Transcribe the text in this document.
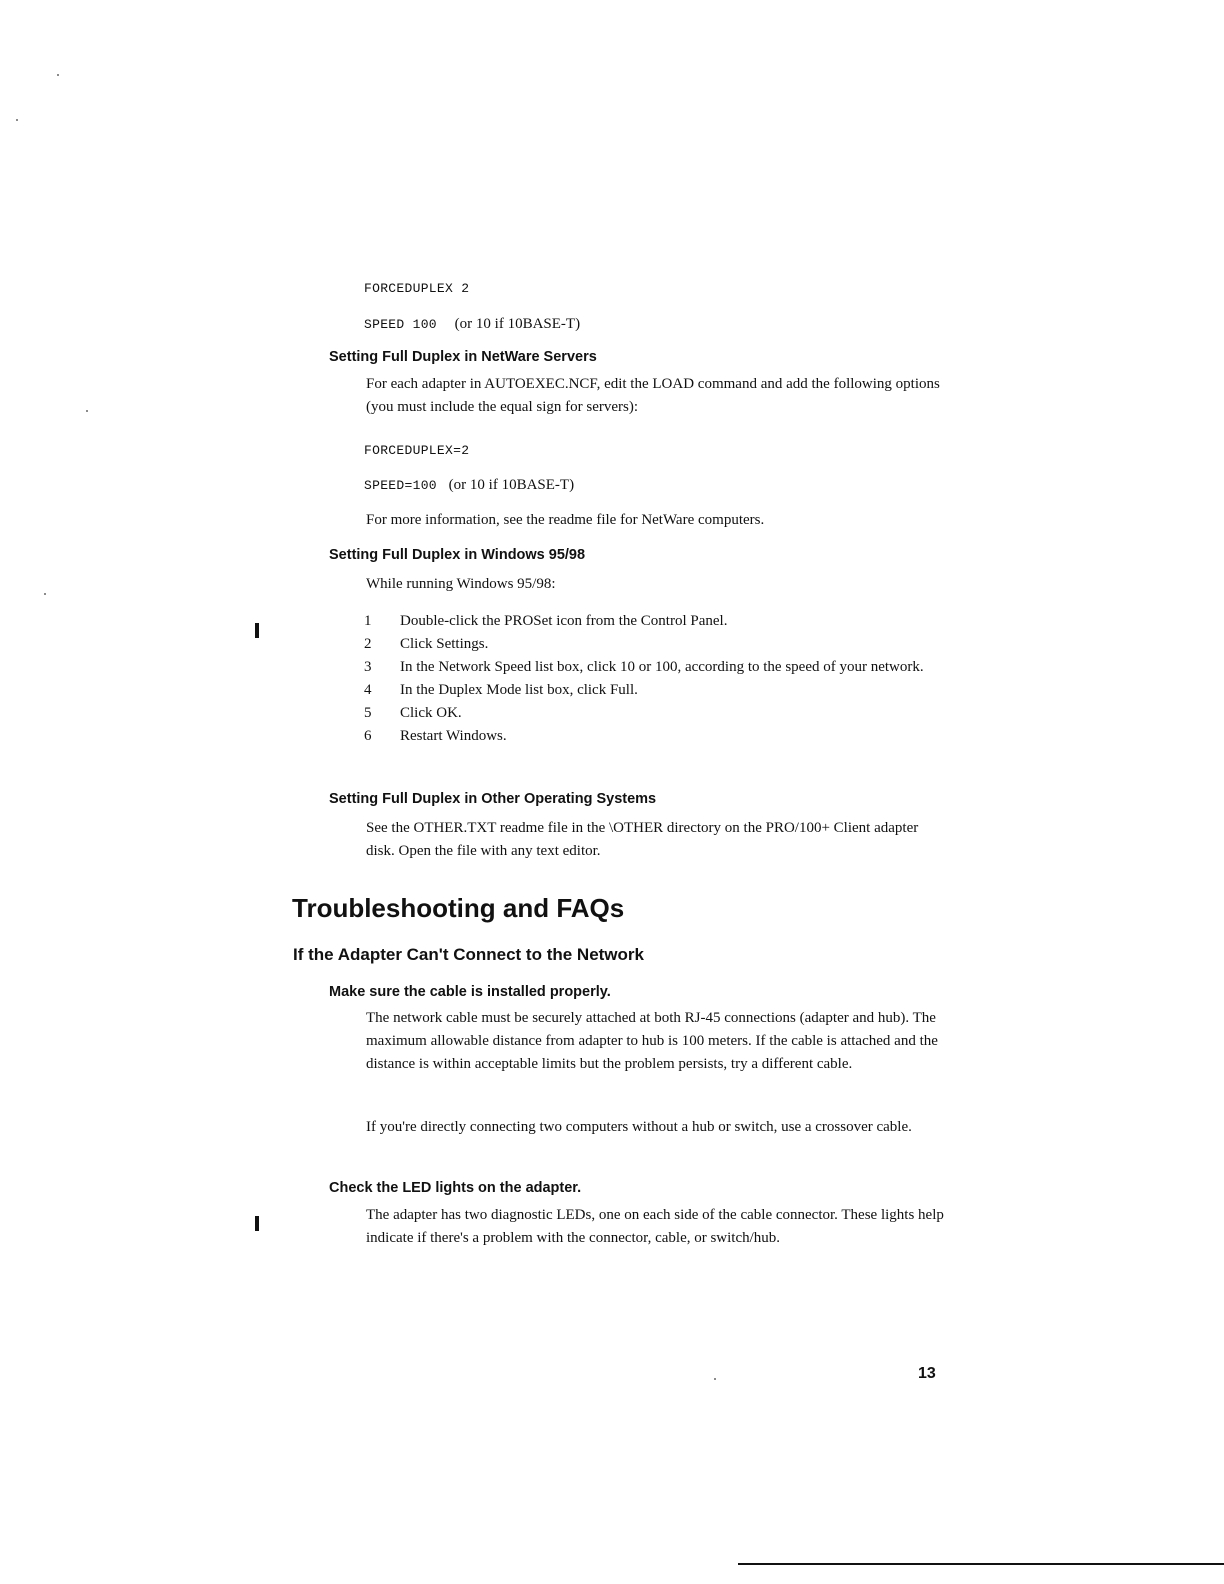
FORCEDUPLEX 2
SPEED 100 (or 10 if 10BASE-T)
Setting Full Duplex in NetWare Servers

For each adapter in AUTOEXEC.NCF, edit the LOAD command and add the following options (you must include the equal sign for servers):

FORCEDUPLEX=2
SPEED=100 (or 10 if 10BASE-T)

For more information, see the readme file for NetWare computers.

Setting Full Duplex in Windows 95/98

While running Windows 95/98:

1	Double-click the PROSet icon from the Control Panel.
2	Click Settings.
3	In the Network Speed list box, click 10 or 100, according to the speed of your network.
4	In the Duplex Mode list box, click Full.
5	Click OK.
6	Restart Windows.
Setting Full Duplex in Other Operating Systems

See the OTHER.TXT readme file in the \OTHER directory on the PRO/100+ Client adapter disk. Open the file with any text editor.

Troubleshooting and FAQs
If the Adapter Can't Connect to the Network
Make sure the cable is installed properly.

The network cable must be securely attached at both RJ-45 connections (adapter and hub). The maximum allowable distance from adapter to hub is 100 meters. If the cable is attached and the distance is within acceptable limits but the problem persists, try a different cable.

If you're directly connecting two computers without a hub or switch, use a crossover cable.

Check the LED lights on the adapter.

The adapter has two diagnostic LEDs, one on each side of the cable connector. These lights help indicate if there's a problem with the connector, cable, or switch/hub.

13
